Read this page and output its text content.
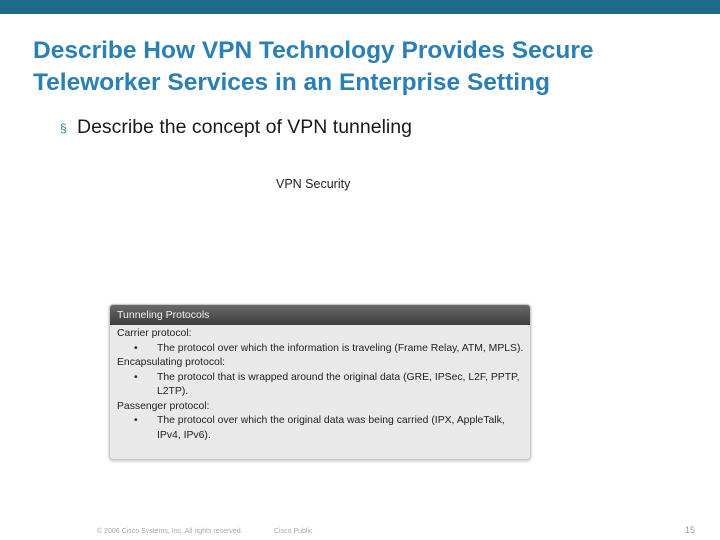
Describe How VPN Technology Provides Secure
Teleworker Services in an Enterprise Setting
§ Describe the concept of VPN tunneling
VPN Security
Tunneling Protocols
Carrier protocol:
•	The protocol over which the information is traveling (Frame Relay, ATM, MPLS).
Encapsulating protocol:
•	The protocol that is wrapped around the original data (GRE, IPSec, L2F, PPTP, L2TP).
Passenger protocol:
•	The protocol over which the original data was being carried (IPX, AppleTalk, IPv4, IPv6).
© 2006 Cisco Systems, Inc. All rights reserved.	Cisco Public	15
